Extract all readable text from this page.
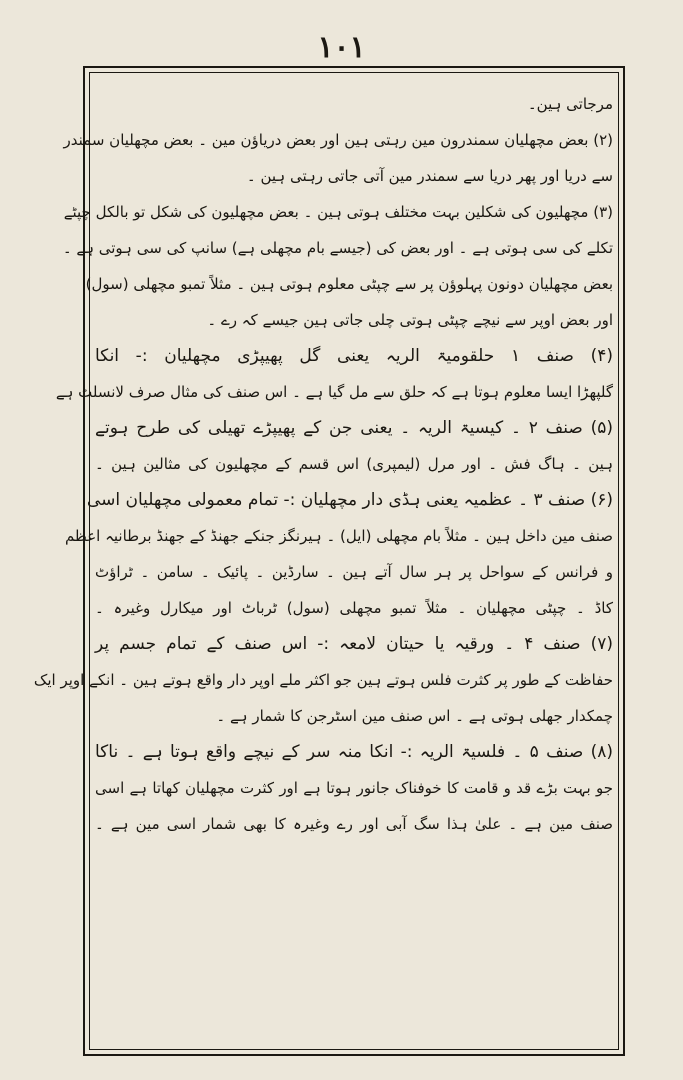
١٠١
مرجاتی ہین۔
(۲) بعض مچھلیان سمندرون مین رہتی ہین اور بعض دریاؤن مین ۔ بعض مچھلیان سمندر
سے دریا اور پھر دریا سے سمندر مین آتی جاتی رہتی ہین ۔
(۳) مچھلیون کی شکلین بہت مختلف ہوتی ہین ۔ بعض مچھلیون کی شکل تو بالکل چپٹے
تکلے کی سی ہوتی ہے ۔ اور بعض کی (جیسے بام مچھلی ہے) سانپ کی سی ہوتی ہے ۔
بعض مچھلیان دونون پہلوؤن پر سے چپٹی معلوم ہوتی ہین ۔ مثلاً تمبو مچھلی (سول)
اور بعض اوپر سے نیچے چپٹی ہوتی چلی جاتی ہین جیسے کہ رے ۔
(۴) صنف ۱ حلقومیۃ الریہ یعنی گل پھیپڑی مچھلیان :- انکا
گلپھڑا ایسا معلوم ہوتا ہے کہ حلق سے مل گیا ہے ۔ اس صنف کی مثال صرف لانسلٹ ہے
(۵) صنف ۲ ۔ کیسیۃ الریہ ۔ یعنی جن کے پھیپڑے تھیلی کی طرح ہوتے
ہین ۔ ہاگ فش ۔ اور مرل (لیمپری) اس قسم کے مچھلیون کی مثالین ہین ۔
(۶) صنف ۳ ۔ عظمیہ یعنی ہڈی دار مچھلیان :- تمام معمولی مچھلیان اسی
صنف مین داخل ہین ۔ مثلاً بام مچھلی (ایل) ۔ ہیرنگز جنکے جھنڈ کے جھنڈ برطانیہ اعظم
و فرانس کے سواحل پر ہر سال آتے ہین ۔ سارڈین ۔ پائیک ۔ سامن ۔ ٹراؤٹ
کاڈ ۔ چپٹی مچھلیان ۔ مثلاً تمبو مچھلی (سول) ٹرباٹ اور میکارل وغیرہ ۔
(۷) صنف ۴ ۔ ورقیہ یا حیتان لامعہ :- اس صنف کے تمام جسم پر
حفاظت کے طور پر کثرت فلس ہوتے ہین جو اکثر ملے اوپر دار واقع ہوتے ہین ۔ انکے اوپر ایک
چمکدار جھلی ہوتی ہے ۔ اس صنف مین اسٹرجن کا شمار ہے ۔
(۸) صنف ۵ ۔ فلسیۃ الریہ :- انکا منہ سر کے نیچے واقع ہوتا ہے ۔ ناکا
جو بہت بڑے قد و قامت کا خوفناک جانور ہوتا ہے اور کثرت مچھلیان کھاتا ہے اسی
صنف مین ہے ۔ علیٰ ہذا سگ آبی اور رے وغیرہ کا بھی شمار اسی مین ہے ۔
